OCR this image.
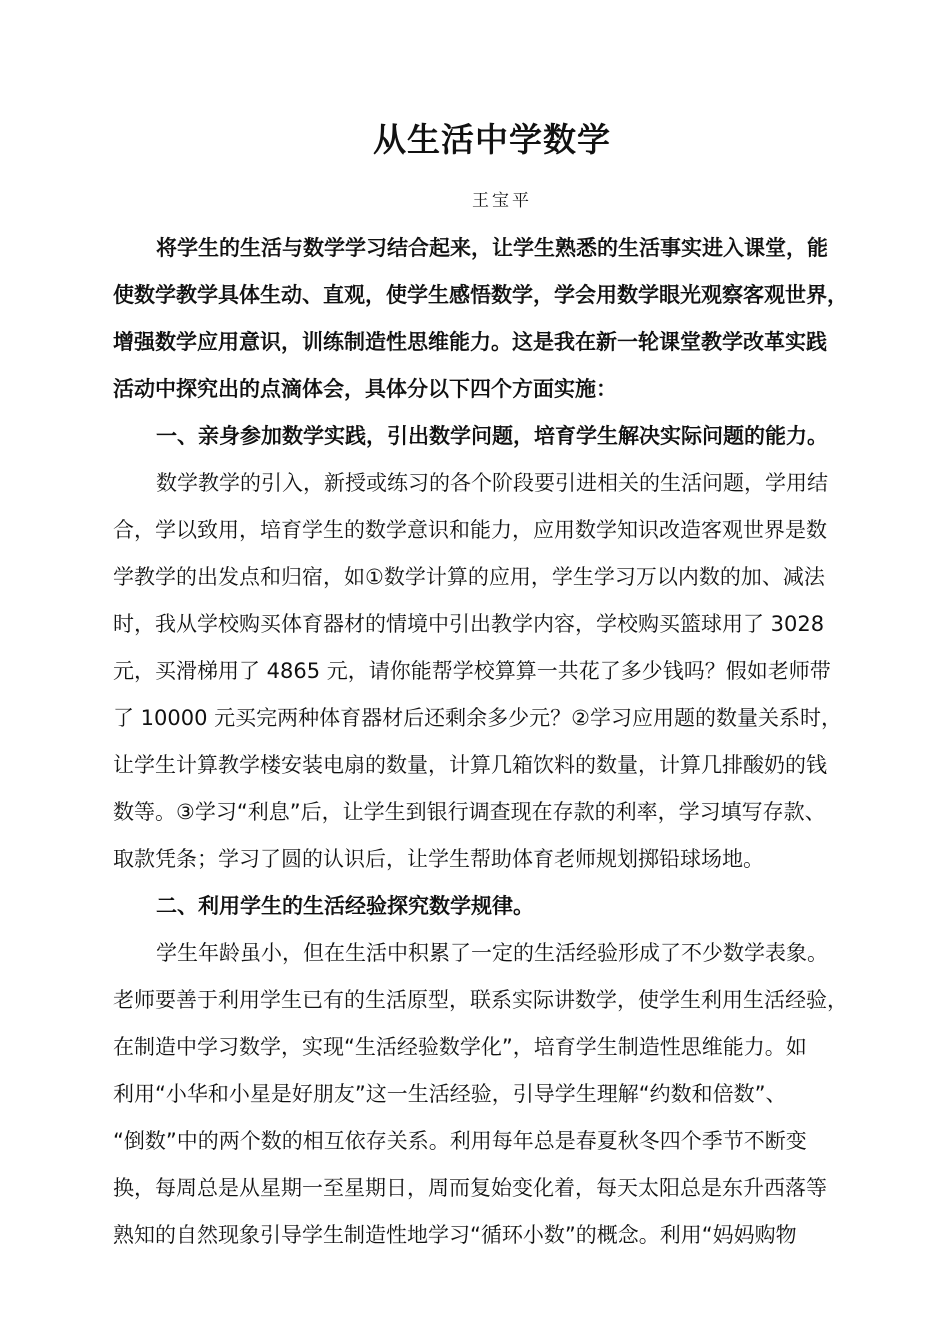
从生活中学数学
王宝平
将学生的生活与数学学习结合起来，让学生熟悉的生活事实进入课堂，能
使数学教学具体生动、直观，使学生感悟数学，学会用数学眼光观察客观世界，
增强数学应用意识，训练制造性思维能力。这是我在新一轮课堂教学改革实践
活动中探究出的点滴体会，具体分以下四个方面实施：
一、亲身参加数学实践，引出数学问题，培育学生解决实际问题的能力。
数学教学的引入，新授或练习的各个阶段要引进相关的生活问题，学用结
合，学以致用，培育学生的数学意识和能力，应用数学知识改造客观世界是数
学教学的出发点和归宿，如①数学计算的应用，学生学习万以内数的加、减法
时，我从学校购买体育器材的情境中引出教学内容，学校购买篮球用了 3028
元，买滑梯用了 4865 元，请你能帮学校算算一共花了多少钱吗？假如老师带
了 10000 元买完两种体育器材后还剩余多少元？②学习应用题的数量关系时，
让学生计算教学楼安装电扇的数量，计算几箱饮料的数量，计算几排酸奶的钱
数等。③学习“利息”后，让学生到银行调查现在存款的利率，学习填写存款、
取款凭条；学习了圆的认识后，让学生帮助体育老师规划掷铅球场地。
二、利用学生的生活经验探究数学规律。
学生年龄虽小，但在生活中积累了一定的生活经验形成了不少数学表象。
老师要善于利用学生已有的生活原型，联系实际讲数学，使学生利用生活经验，
在制造中学习数学，实现“生活经验数学化”，培育学生制造性思维能力。如
利用“小华和小星是好朋友”这一生活经验，引导学生理解“约数和倍数”、
“倒数”中的两个数的相互依存关系。利用每年总是春夏秋冬四个季节不断变
换，每周总是从星期一至星期日，周而复始变化着，每天太阳总是东升西落等
熟知的自然现象引导学生制造性地学习“循环小数”的概念。利用“妈妈购物
